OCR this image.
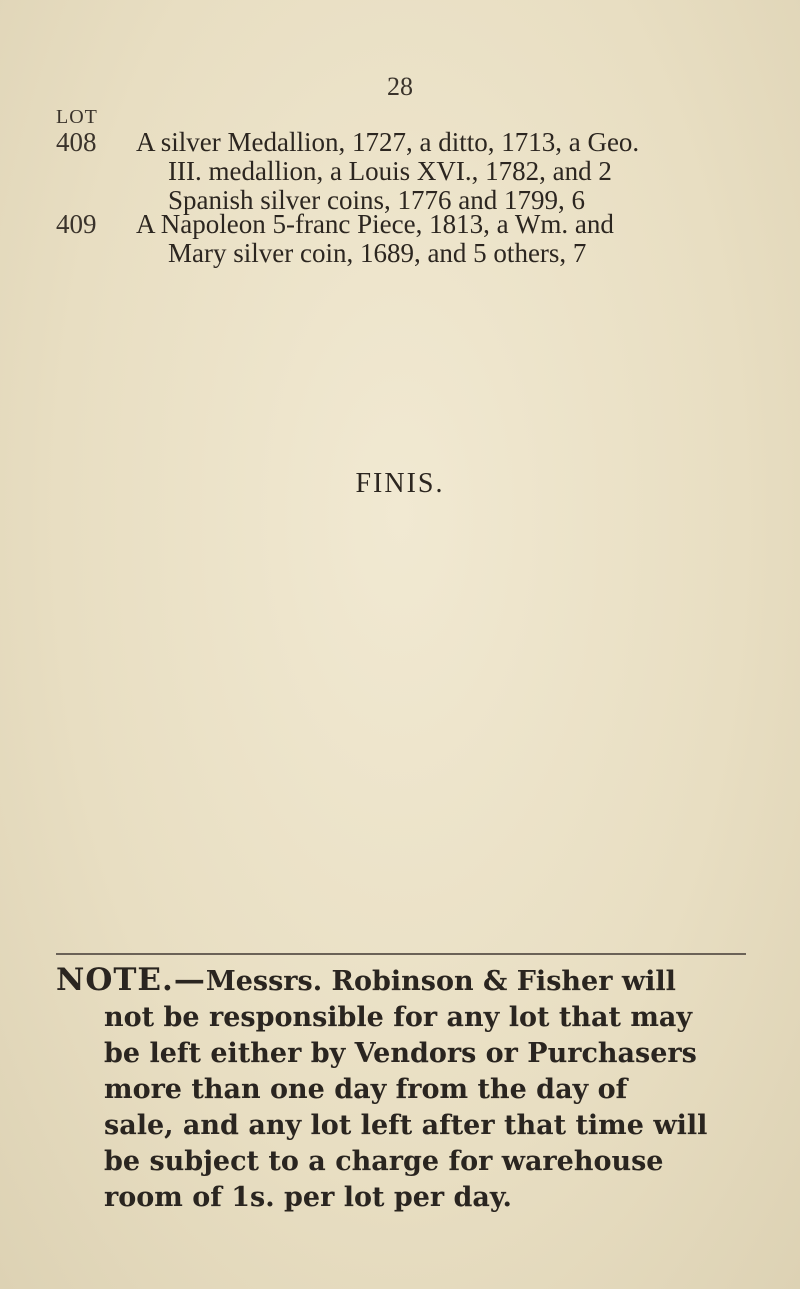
28
LOT
408	A silver Medallion, 1727, a ditto, 1713, a Geo.
III. medallion, a Louis XVI., 1782, and 2
Spanish silver coins, 1776 and 1799, 6
409	A Napoleon 5-franc Piece, 1813, a Wm. and
Mary silver coin, 1689, and 5 others, 7
FINIS.
NOTE.—Messrs. Robinson & Fisher will
not be responsible for any lot that may
be left either by Vendors or Purchasers
more than one day from the day of
sale, and any lot left after that time will
be subject to a charge for warehouse
room of 1s. per lot per day.
